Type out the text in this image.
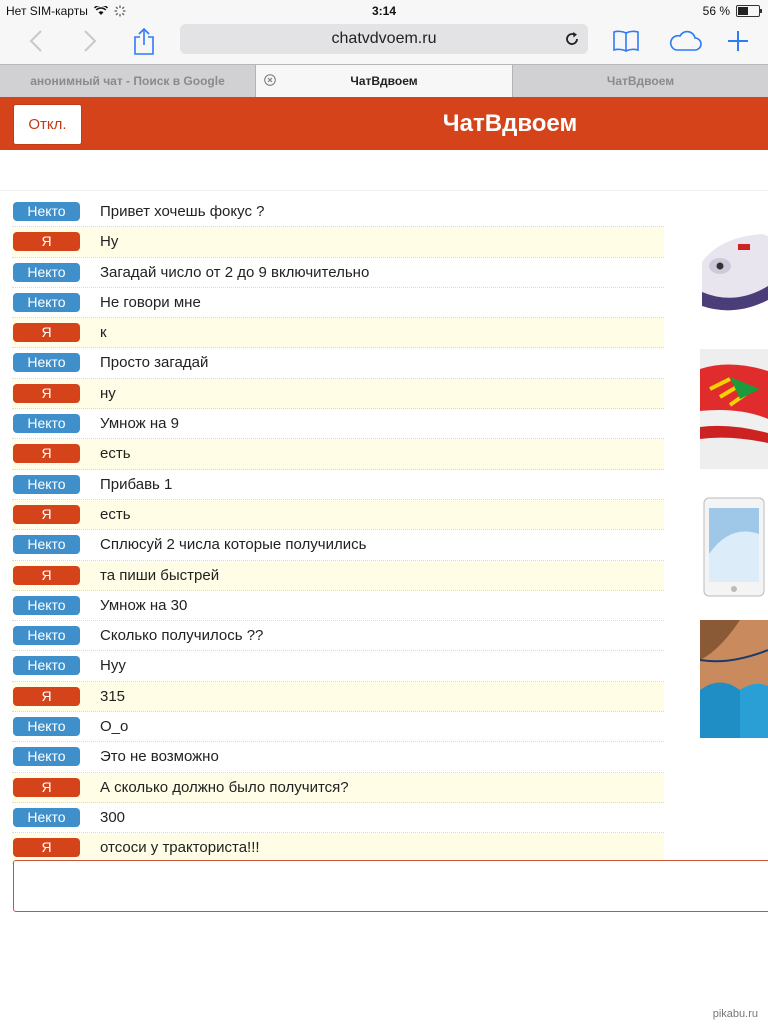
Нет SIM-карты	3:14	56 %
chatvdvoem.ru
анонимный чат - Поиск в Google	ЧатВдвоем	ЧатВдвоем
Откл.	ЧатВдвоем
Некто	Привет хочешь фокус ?
Я	Ну
Некто	Загадай число от 2 до 9 включительно
Некто	Не говори мне
Я	к
Некто	Просто загадай
Я	ну
Некто	Умнож на 9
Я	есть
Некто	Прибавь 1
Я	есть
Некто	Сплюсуй 2 числа которые получились
Я	та пиши быстрей
Некто	Умнож на 30
Некто	Сколько получилось ??
Некто	Нуу
Я	315
Некто	О_о
Некто	Это не возможно
Я	А сколько должно было получится?
Некто	300
Я	отсоси у тракториста!!!
pikabu.ru
